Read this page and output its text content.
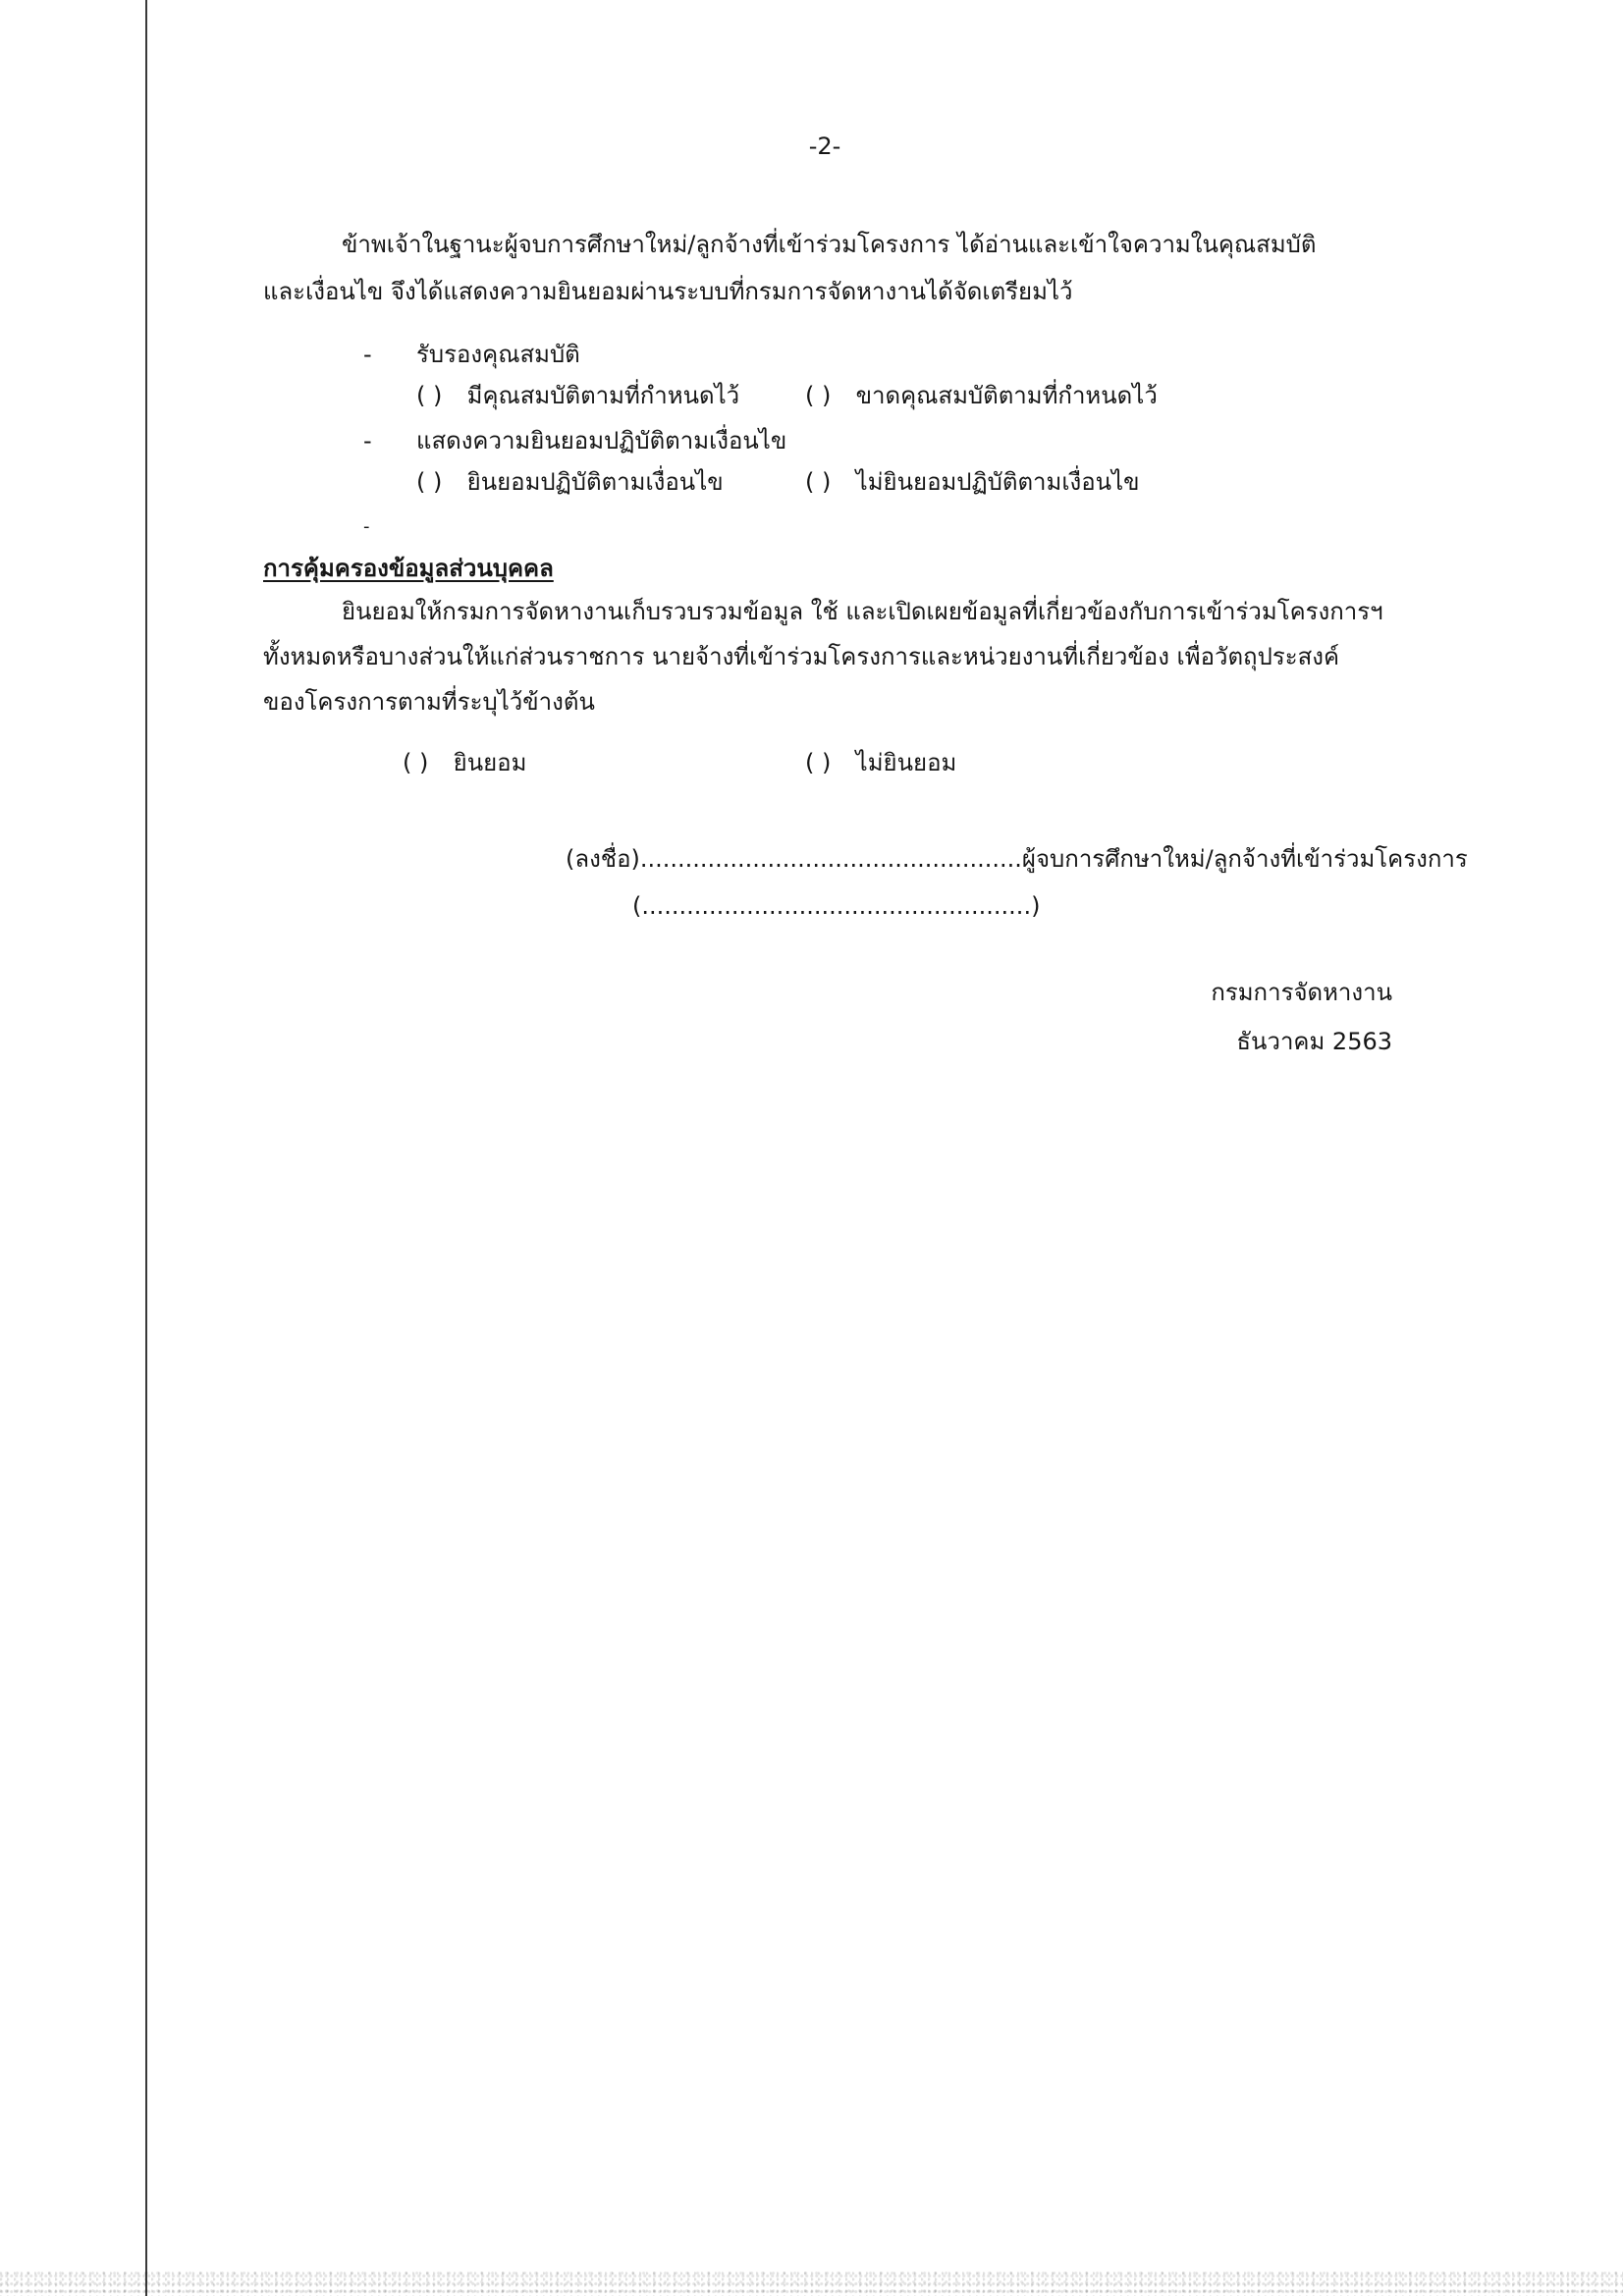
-2-
ข้าพเจ้าในฐานะผู้จบการศึกษาใหม่/ลูกจ้างที่เข้าร่วมโครงการ ได้อ่านและเข้าใจความในคุณสมบัติ
และเงื่อนไข จึงได้แสดงความยินยอมผ่านระบบที่กรมการจัดหางานได้จัดเตรียมไว้
- รับรองคุณสมบัติ
( ) มีคุณสมบัติตามที่กำหนดไว้	( ) ขาดคุณสมบัติตามที่กำหนดไว้
- แสดงความยินยอมปฏิบัติตามเงื่อนไข
( ) ยินยอมปฏิบัติตามเงื่อนไข	( ) ไม่ยินยอมปฏิบัติตามเงื่อนไข
-
การคุ้มครองข้อมูลส่วนบุคคล
ยินยอมให้กรมการจัดหางานเก็บรวบรวมข้อมูล ใช้ และเปิดเผยข้อมูลที่เกี่ยวข้องกับการเข้าร่วมโครงการฯ
ทั้งหมดหรือบางส่วนให้แก่ส่วนราชการ นายจ้างที่เข้าร่วมโครงการและหน่วยงานที่เกี่ยวข้อง เพื่อวัตถุประสงค์
ของโครงการตามที่ระบุไว้ข้างต้น
( ) ยินยอม	( ) ไม่ยินยอม
(ลงชื่อ)...................................................ผู้จบการศึกษาใหม่/ลูกจ้างที่เข้าร่วมโครงการ
(....................................................)
กรมการจัดหางาน
ธันวาคม 2563
